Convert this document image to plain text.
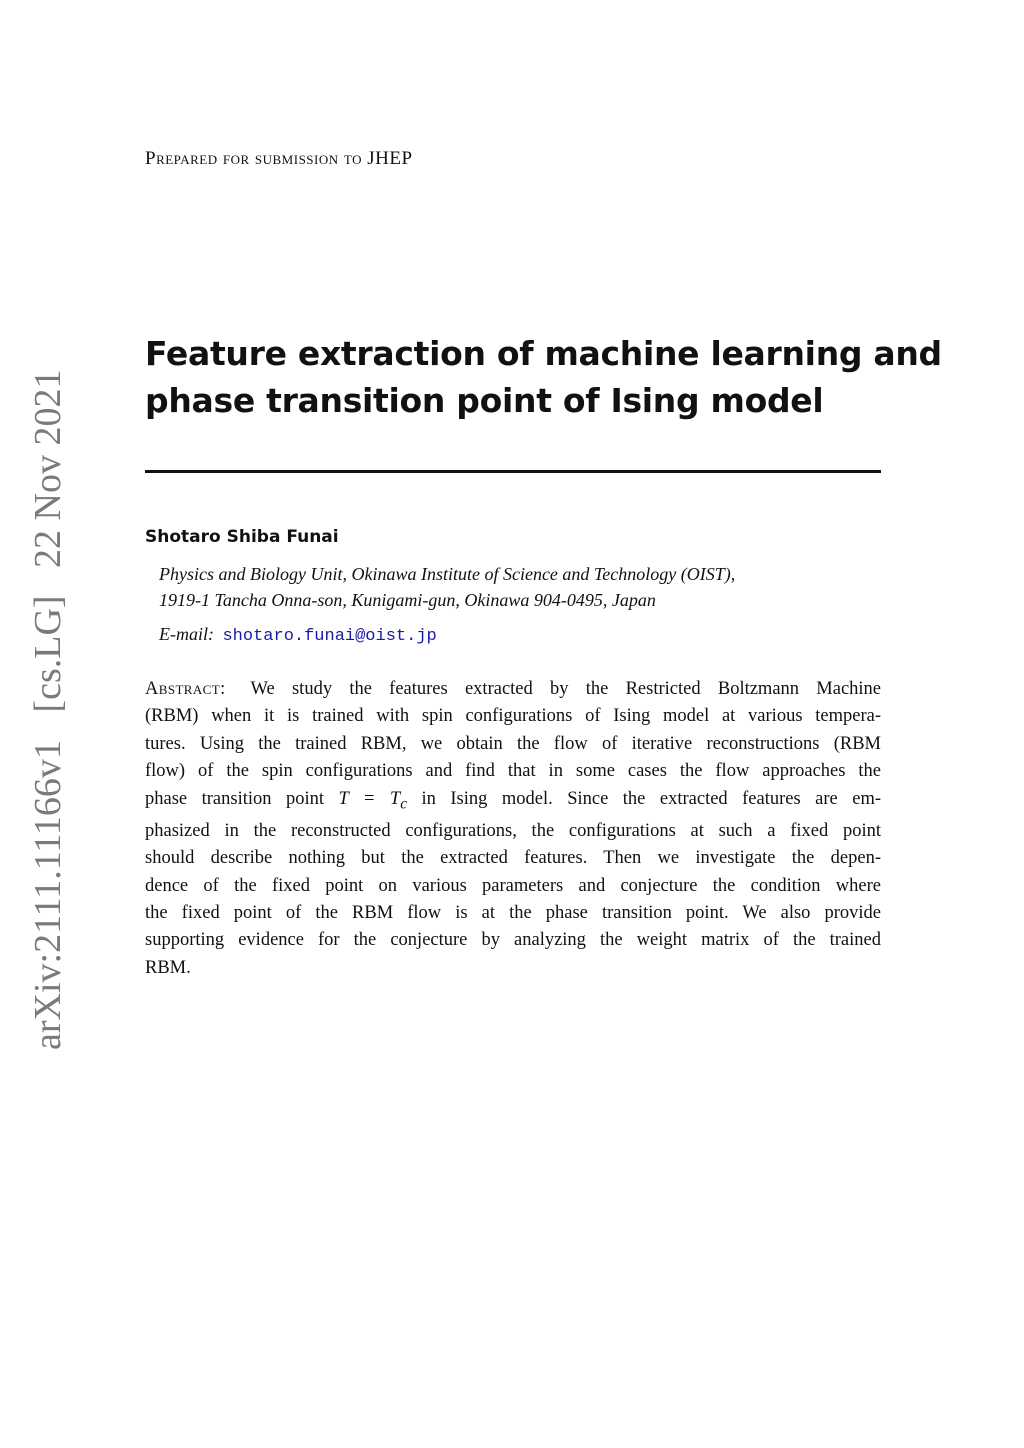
Prepared for submission to JHEP
arXiv:2111.11166v1 [cs.LG] 22 Nov 2021
Feature extraction of machine learning and
phase transition point of Ising model
Shotaro Shiba Funai
Physics and Biology Unit, Okinawa Institute of Science and Technology (OIST),
1919-1 Tancha Onna-son, Kunigami-gun, Okinawa 904-0495, Japan
E-mail: shotaro.funai@oist.jp
Abstract: We study the features extracted by the Restricted Boltzmann Machine
(RBM) when it is trained with spin configurations of Ising model at various tempera-
tures. Using the trained RBM, we obtain the flow of iterative reconstructions (RBM
flow) of the spin configurations and find that in some cases the flow approaches the
phase transition point $T = T_c$ in Ising model. Since the extracted features are em-
phasized in the reconstructed configurations, the configurations at such a fixed point
should describe nothing but the extracted features. Then we investigate the depen-
dence of the fixed point on various parameters and conjecture the condition where
the fixed point of the RBM flow is at the phase transition point. We also provide
supporting evidence for the conjecture by analyzing the weight matrix of the trained
RBM.
